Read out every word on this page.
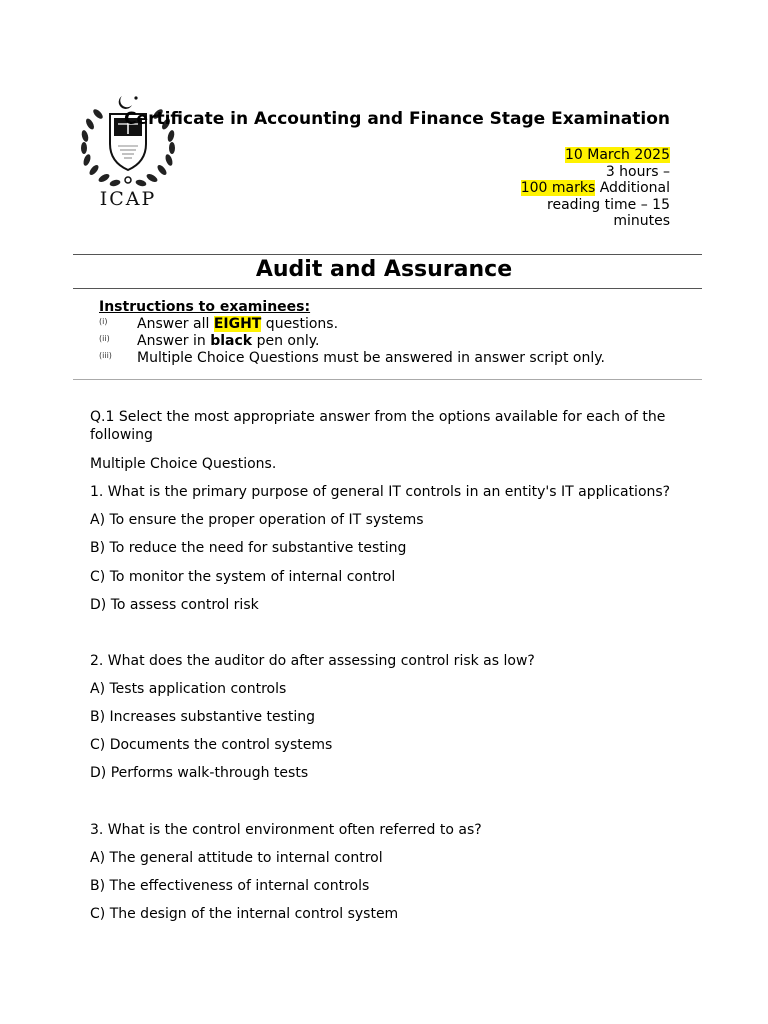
ICAP
Certificate in Accounting and Finance Stage Examination
10 March 2025
3 hours –
100 marks Additional
reading time – 15
minutes
Audit and Assurance
Instructions to examinees:
(i) Answer all EIGHT questions.
(ii) Answer in black pen only.
(iii) Multiple Choice Questions must be answered in answer script only.
Q.1 Select the most appropriate answer from the options available for each of the
following
Multiple Choice Questions.
1. What is the primary purpose of general IT controls in an entity's IT applications?
A) To ensure the proper operation of IT systems
B) To reduce the need for substantive testing
C) To monitor the system of internal control
D) To assess control risk
2. What does the auditor do after assessing control risk as low?
A) Tests application controls
B) Increases substantive testing
C) Documents the control systems
D) Performs walk-through tests
3. What is the control environment often referred to as?
A) The general attitude to internal control
B) The effectiveness of internal controls
C) The design of the internal control system
